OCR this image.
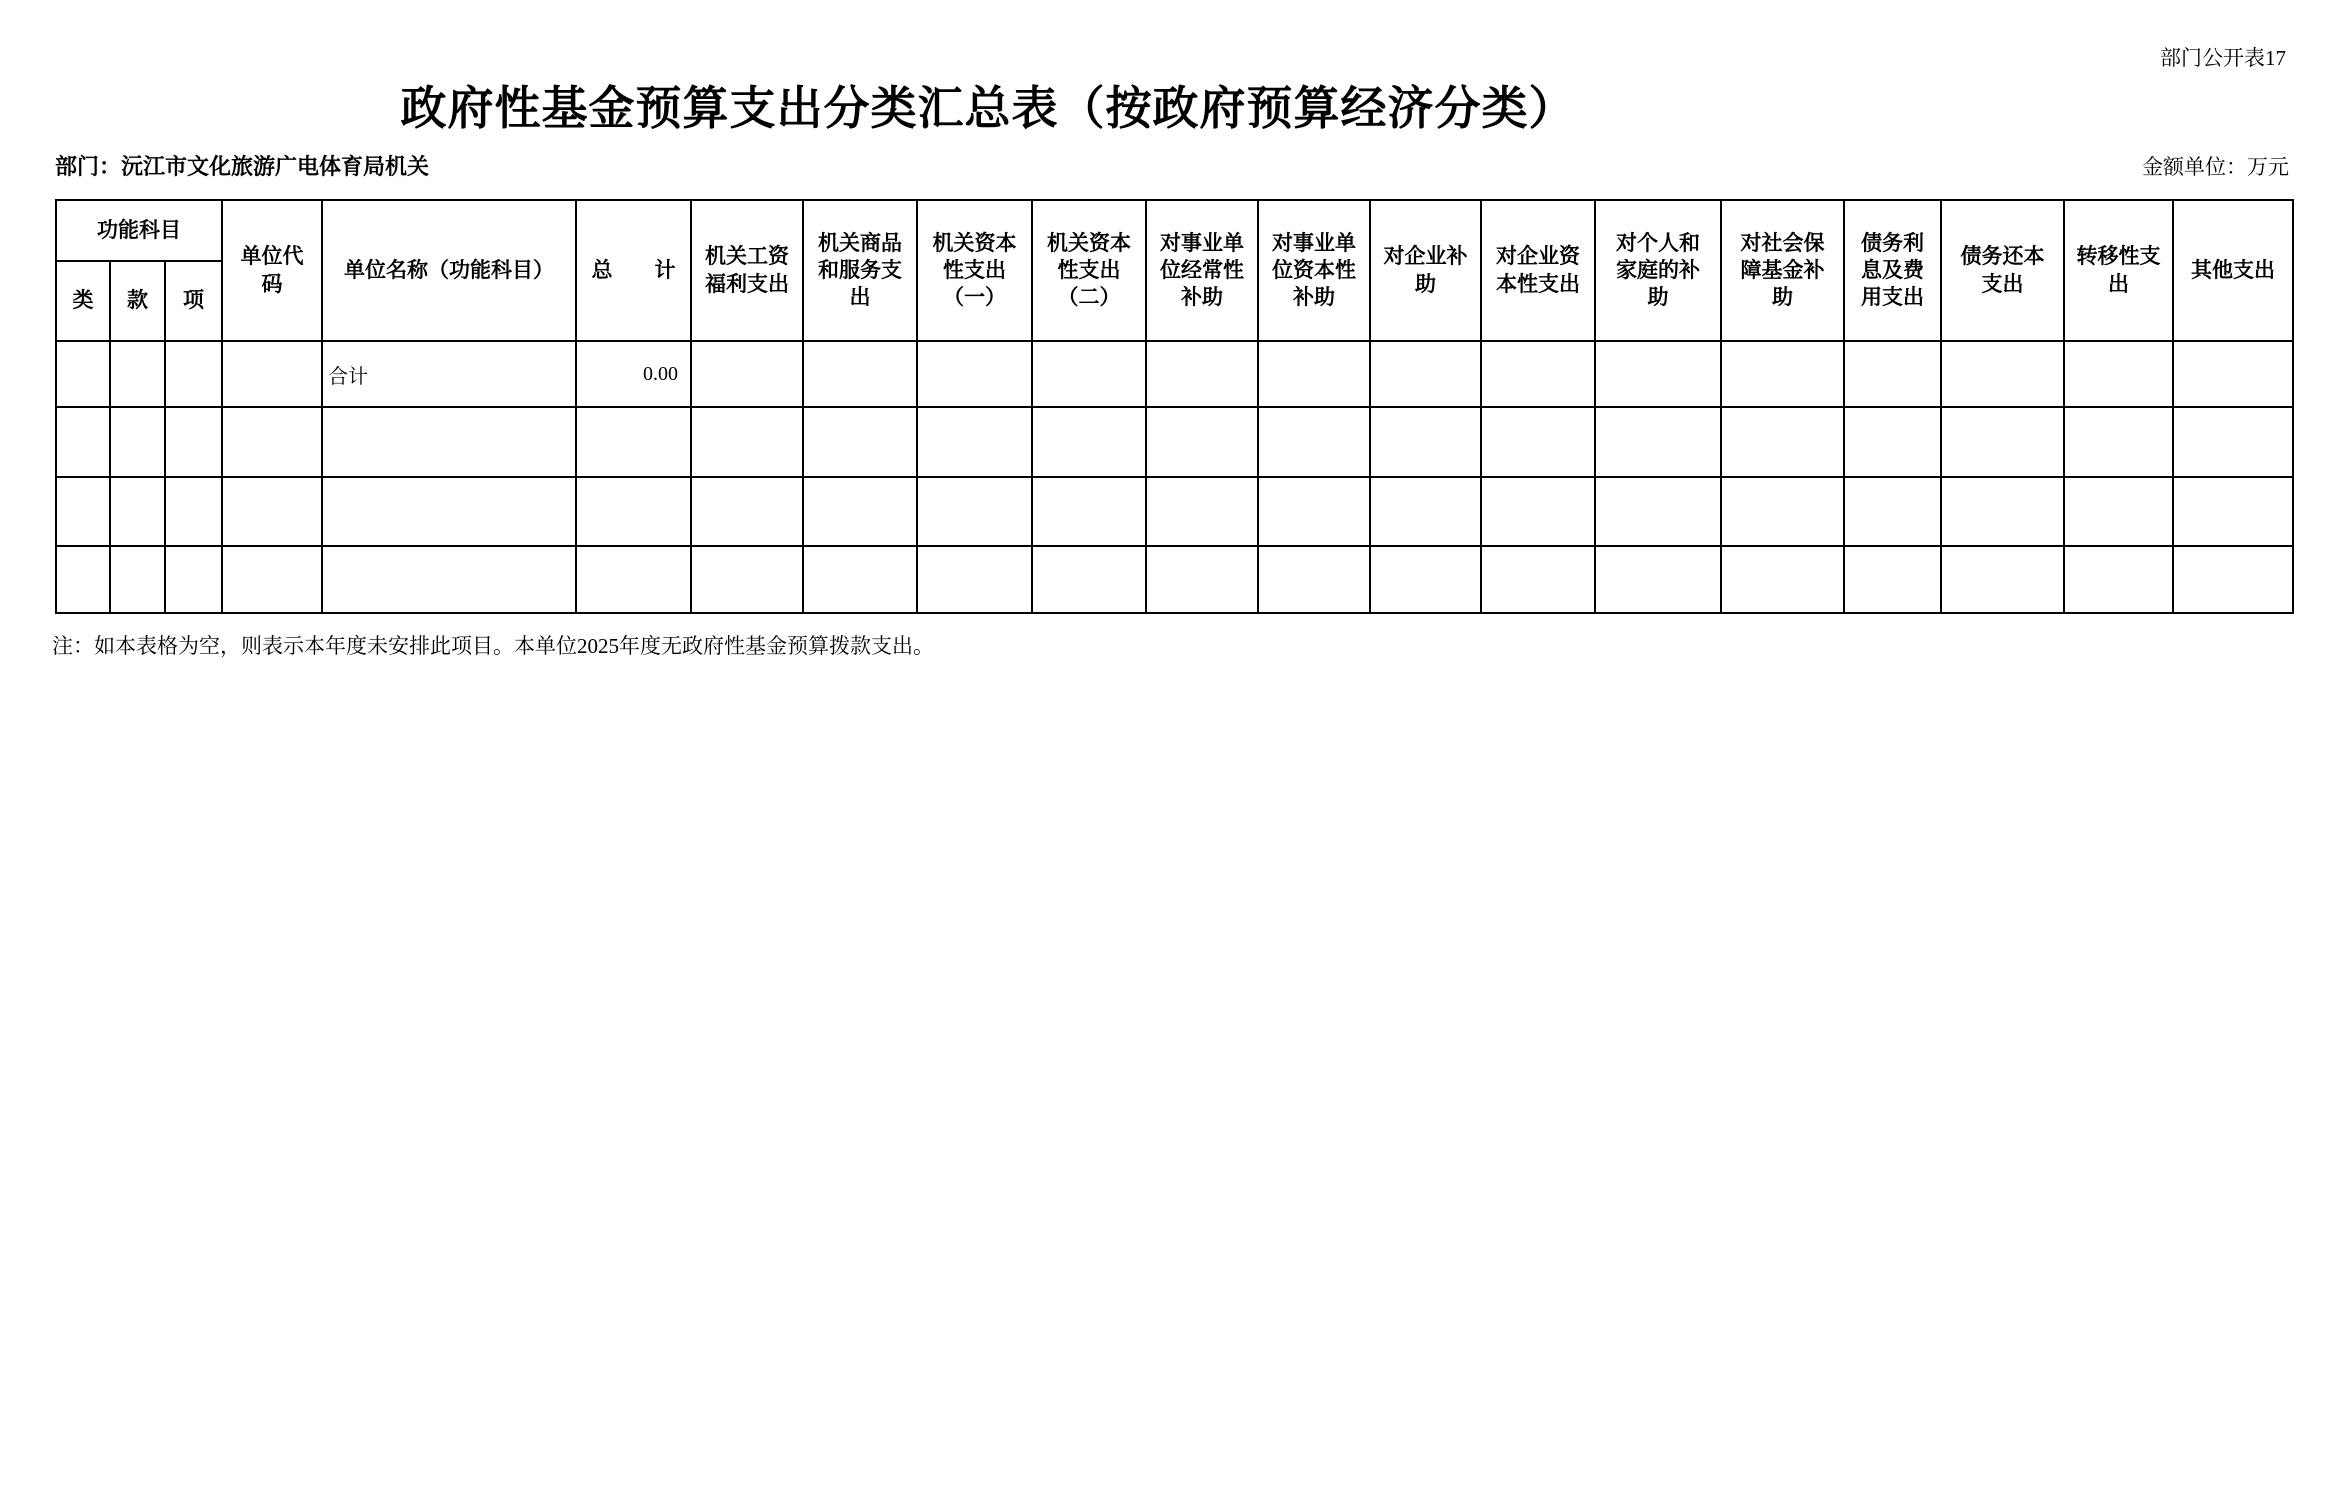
部门公开表17
政府性基金预算支出分类汇总表（按政府预算经济分类）
部门：沅江市文化旅游广电体育局机关	金额单位：万元
功能科目			单位代码	单位名称（功能科目）	总　　计	机关工资福利支出	机关商品和服务支出	机关资本性支出（一）	机关资本性支出（二）	对事业单位经常性补助	对事业单位资本性补助	对企业补助	对企业资本性支出	对个人和家庭的补助	对社会保障基金补助	债务利息及费用支出	债务还本支出	转移性支出	其他支出
类	款	项																	
				合计	0.00														

注：如本表格为空，则表示本年度未安排此项目。本单位2025年度无政府性基金预算拨款支出。
